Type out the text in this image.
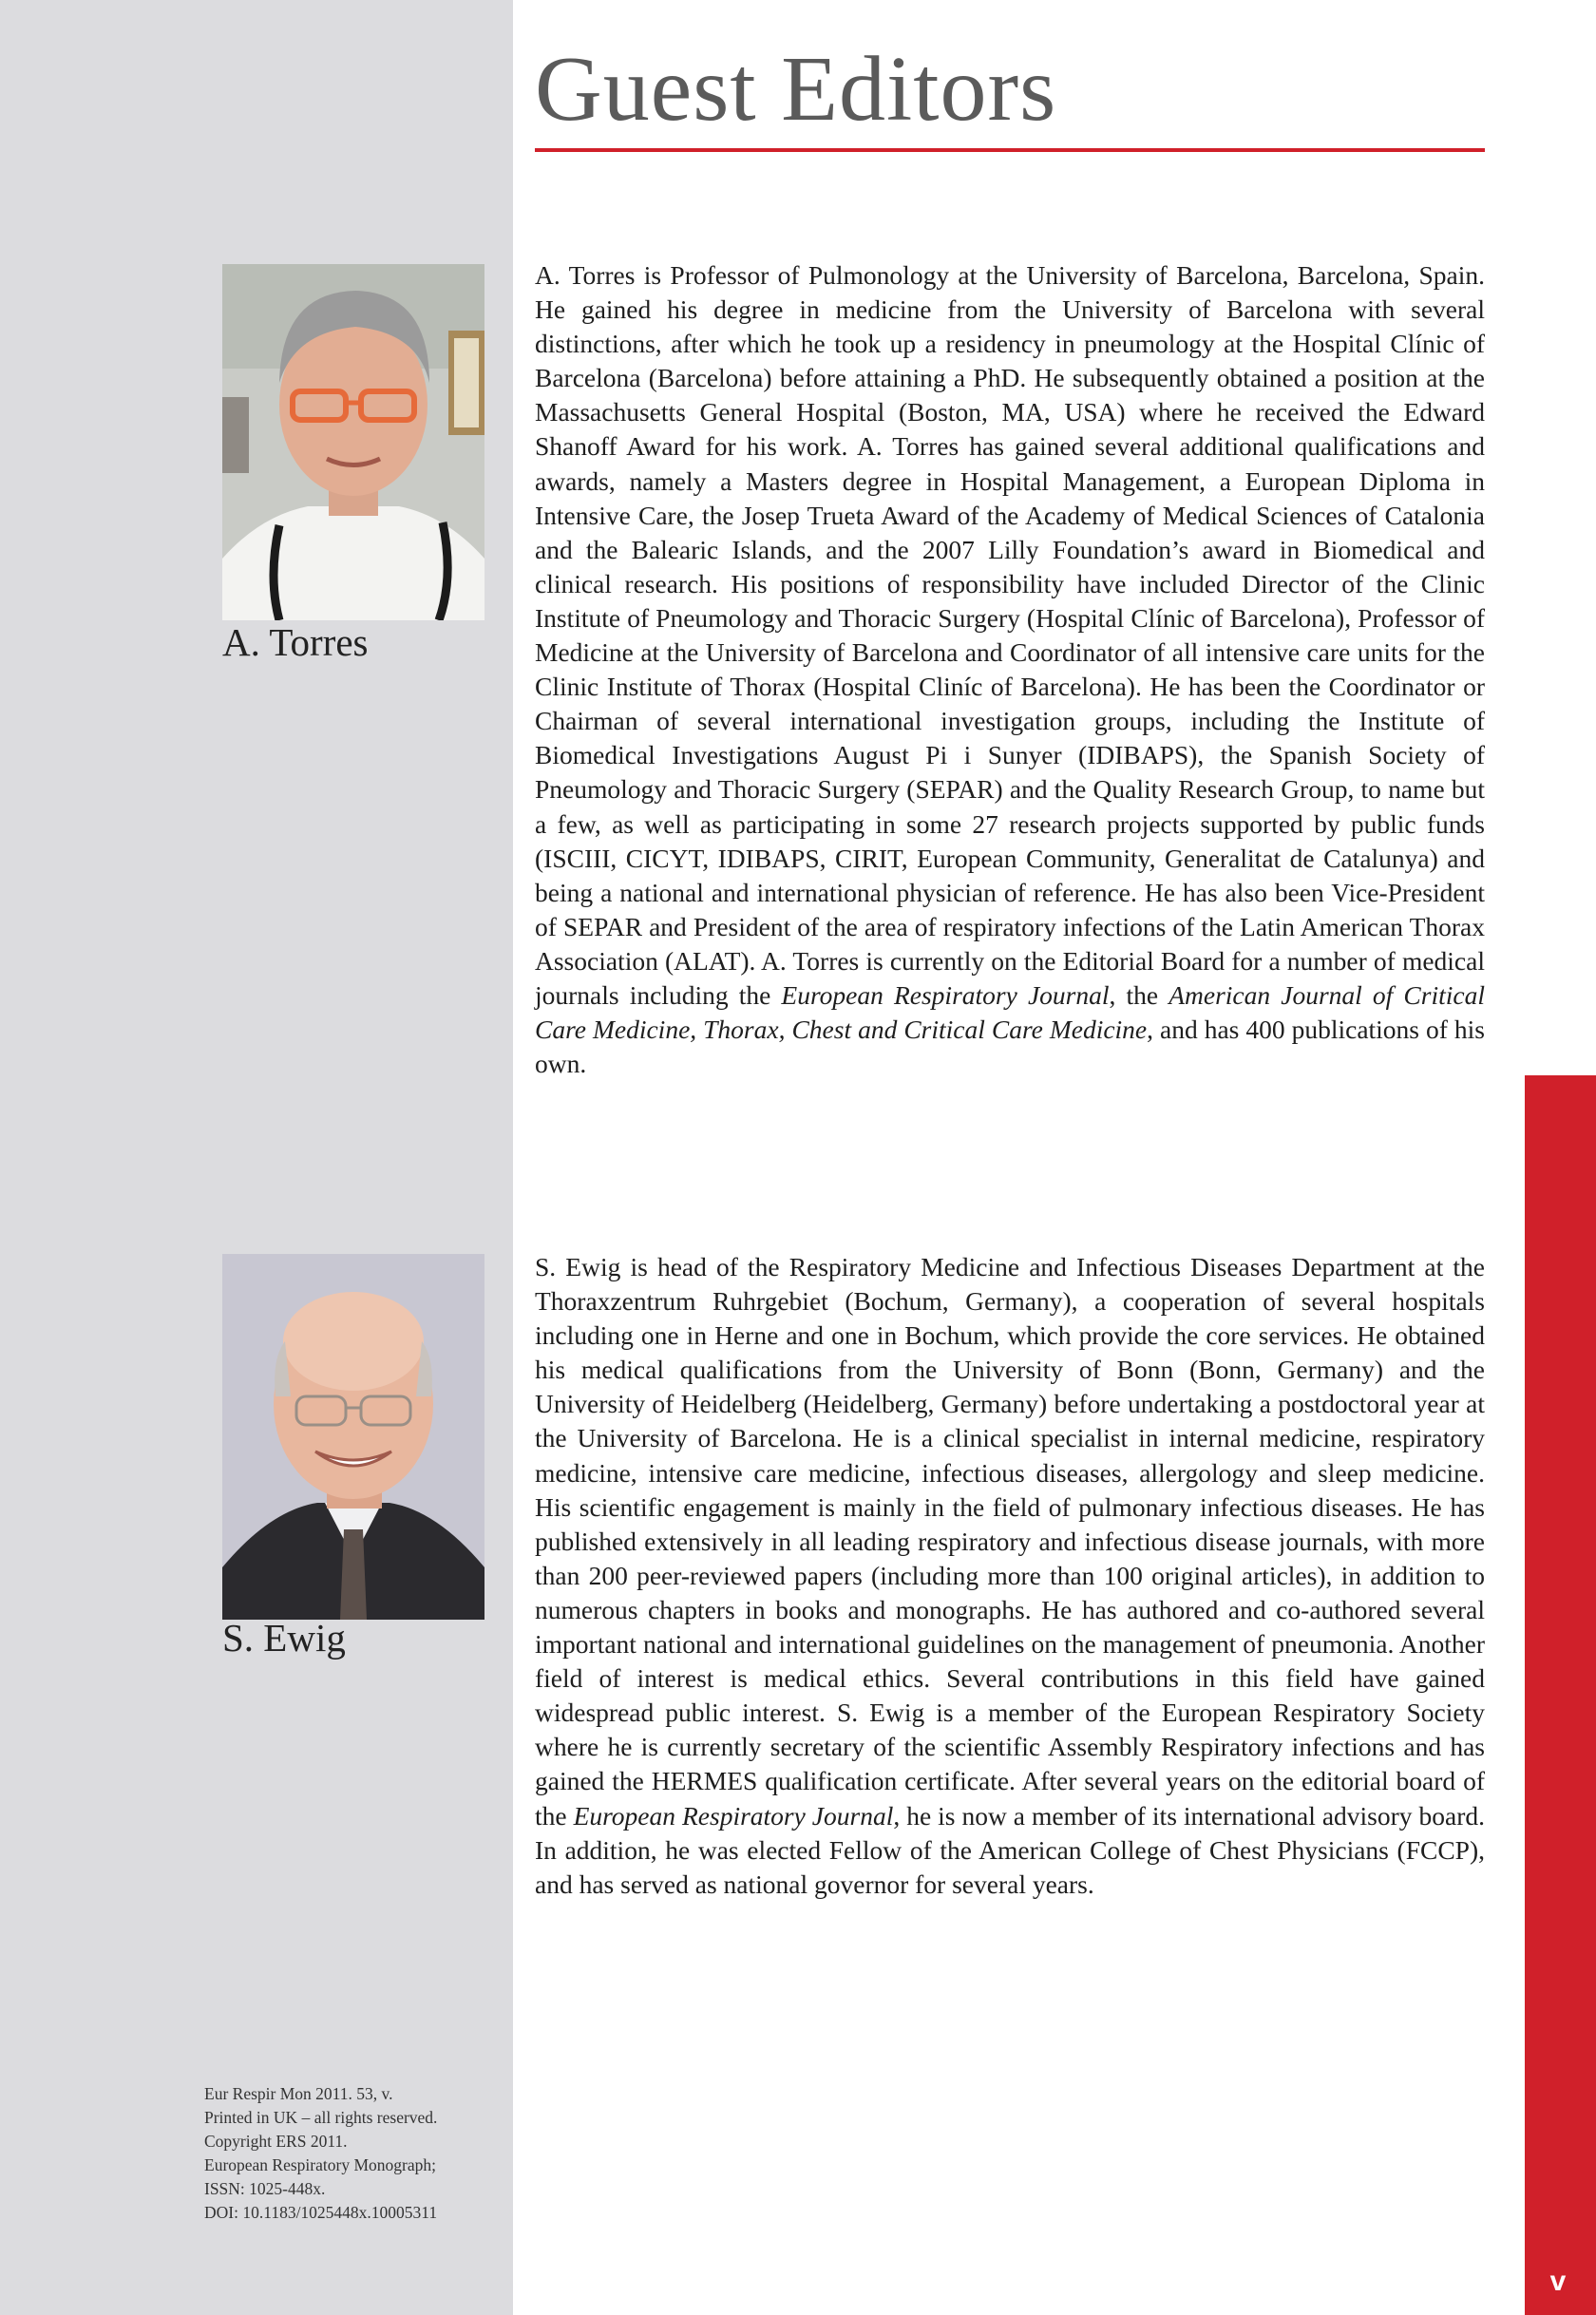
v
Guest Editors
A. Torres

A. Torres is Professor of Pulmonology at the University of Barcelona, Barcelona, Spain. He gained his degree in medicine from the University of Barcelona with several distinctions, after which he took up a residency in pneumology at the Hospital Clínic of Barcelona (Barcelona) before attaining a PhD. He subsequently obtained a position at the Massachusetts General Hospital (Boston, MA, USA) where he received the Edward Shanoff Award for his work. A. Torres has gained several additional qualifications and awards, namely a Masters degree in Hospital Management, a European Diploma in Intensive Care, the Josep Trueta Award of the Academy of Medical Sciences of Catalonia and the Balearic Islands, and the 2007 Lilly Foundation’s award in Biomedical and clinical research. His positions of responsibility have included Director of the Clinic Institute of Pneumology and Thoracic Surgery (Hospital Clínic of Barcelona), Professor of Medicine at the University of Barcelona and Coordinator of all intensive care units for the Clinic Institute of Thorax (Hospital Cliníc of Barcelona). He has been the Coordinator or Chairman of several international investigation groups, including the Institute of Biomedical Investigations August Pi i Sunyer (IDIBAPS), the Spanish Society of Pneumology and Thoracic Surgery (SEPAR) and the Quality Research Group, to name but a few, as well as participating in some 27 research projects supported by public funds (ISCIII, CICYT, IDIBAPS, CIRIT, European Community, Generalitat de Catalunya) and being a national and international physician of reference. He has also been Vice-President of SEPAR and President of the area of respiratory infections of the Latin American Thorax Association (ALAT). A. Torres is currently on the Editorial Board for a number of medical journals including the European Respiratory Journal, the American Journal of Critical Care Medicine, Thorax, Chest and Critical Care Medicine, and has 400 publications of his own.

S. Ewig

S. Ewig is head of the Respiratory Medicine and Infectious Diseases Department at the Thoraxzentrum Ruhrgebiet (Bochum, Germany), a cooperation of several hospitals including one in Herne and one in Bochum, which provide the core services. He obtained his medical qualifications from the University of Bonn (Bonn, Germany) and the University of Heidelberg (Heidelberg, Germany) before undertaking a postdoctoral year at the University of Barcelona. He is a clinical specialist in internal medicine, respiratory medicine, intensive care medicine, infectious diseases, allergology and sleep medicine. His scientific engagement is mainly in the field of pulmonary infectious diseases. He has published extensively in all leading respiratory and infectious disease journals, with more than 200 peer-reviewed papers (including more than 100 original articles), in addition to numerous chapters in books and monographs. He has authored and co-authored several important national and international guidelines on the management of pneumonia. Another field of interest is medical ethics. Several contributions in this field have gained widespread public interest. S. Ewig is a member of the European Respiratory Society where he is currently secretary of the scientific Assembly Respiratory infections and has gained the HERMES qualification certificate. After several years on the editorial board of the European Respiratory Journal, he is now a member of its international advisory board. In addition, he was elected Fellow of the American College of Chest Physicians (FCCP), and has served as national governor for several years.

Eur Respir Mon 2011. 53, v.
Printed in UK – all rights reserved.
Copyright ERS 2011.
European Respiratory Monograph;
ISSN: 1025-448x.
DOI: 10.1183/1025448x.10005311
